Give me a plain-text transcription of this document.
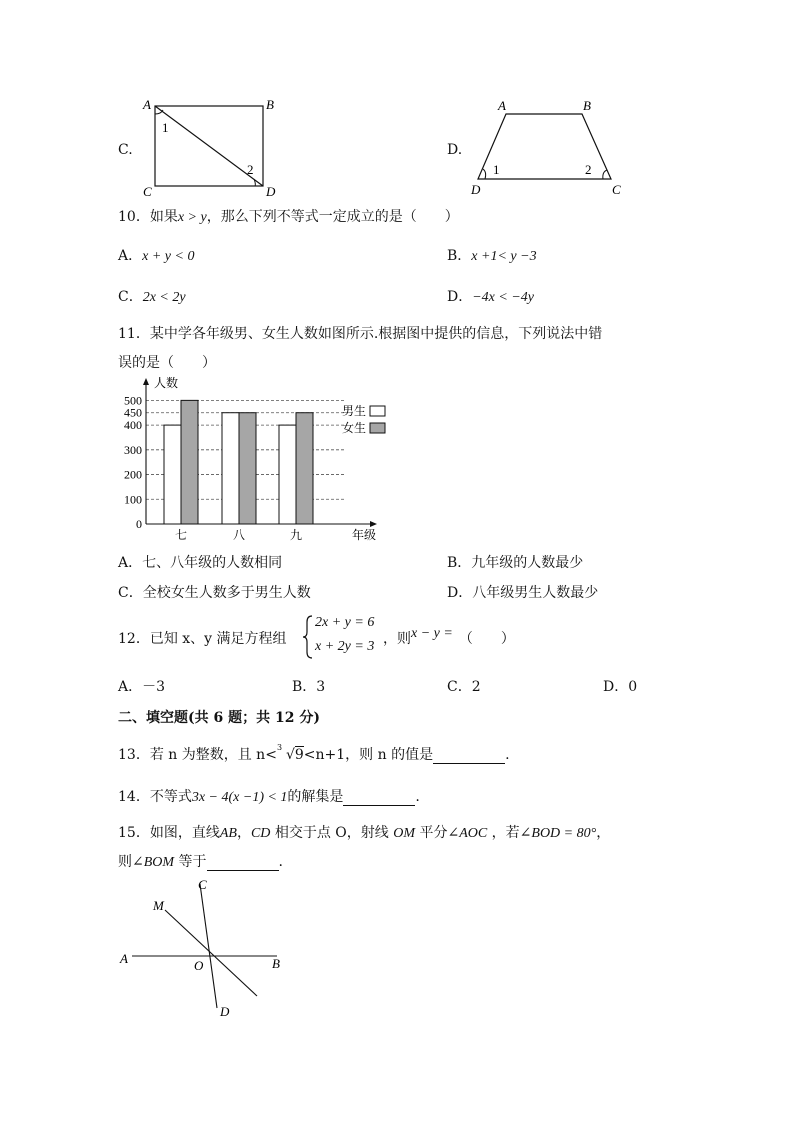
C.
A	B
C	D
1
2
D.
A	B
D	C
1	2
10．如果x > y，那么下列不等式一定成立的是（　　）
A．x + y < 0	B．x +1< y −3
C．2x < 2y	D．−4x < −4y
11．某中学各年级男、女生人数如图所示.根据图中提供的信息，下列说法中错
误的是（　　）
0
100
200
300
400
450
500
七	八	九
人数
年级
男生
女生
A．七、八年级的人数相同	B．九年级的人数最少
C．全校女生人数多于男生人数	D．八年级男生人数最少
12．已知 x、y 满足方程组
2x + y = 6
x + 2y = 3 ，则x − y = （　　）
A．－3	B．3	C．2	D．0
二、填空题(共 6 题；共 12 分)
13．若 n 为整数，且 n< 3 √9<n+1，则 n 的值是	.
14．不等式3x − 4(x −1) < 1的解集是	.
15．如图，直线AB，CD 相交于点 O，射线 OM 平分∠AOC ，若∠BOD = 80°，
则∠BOM 等于	.
A	B
C
D
M
O
